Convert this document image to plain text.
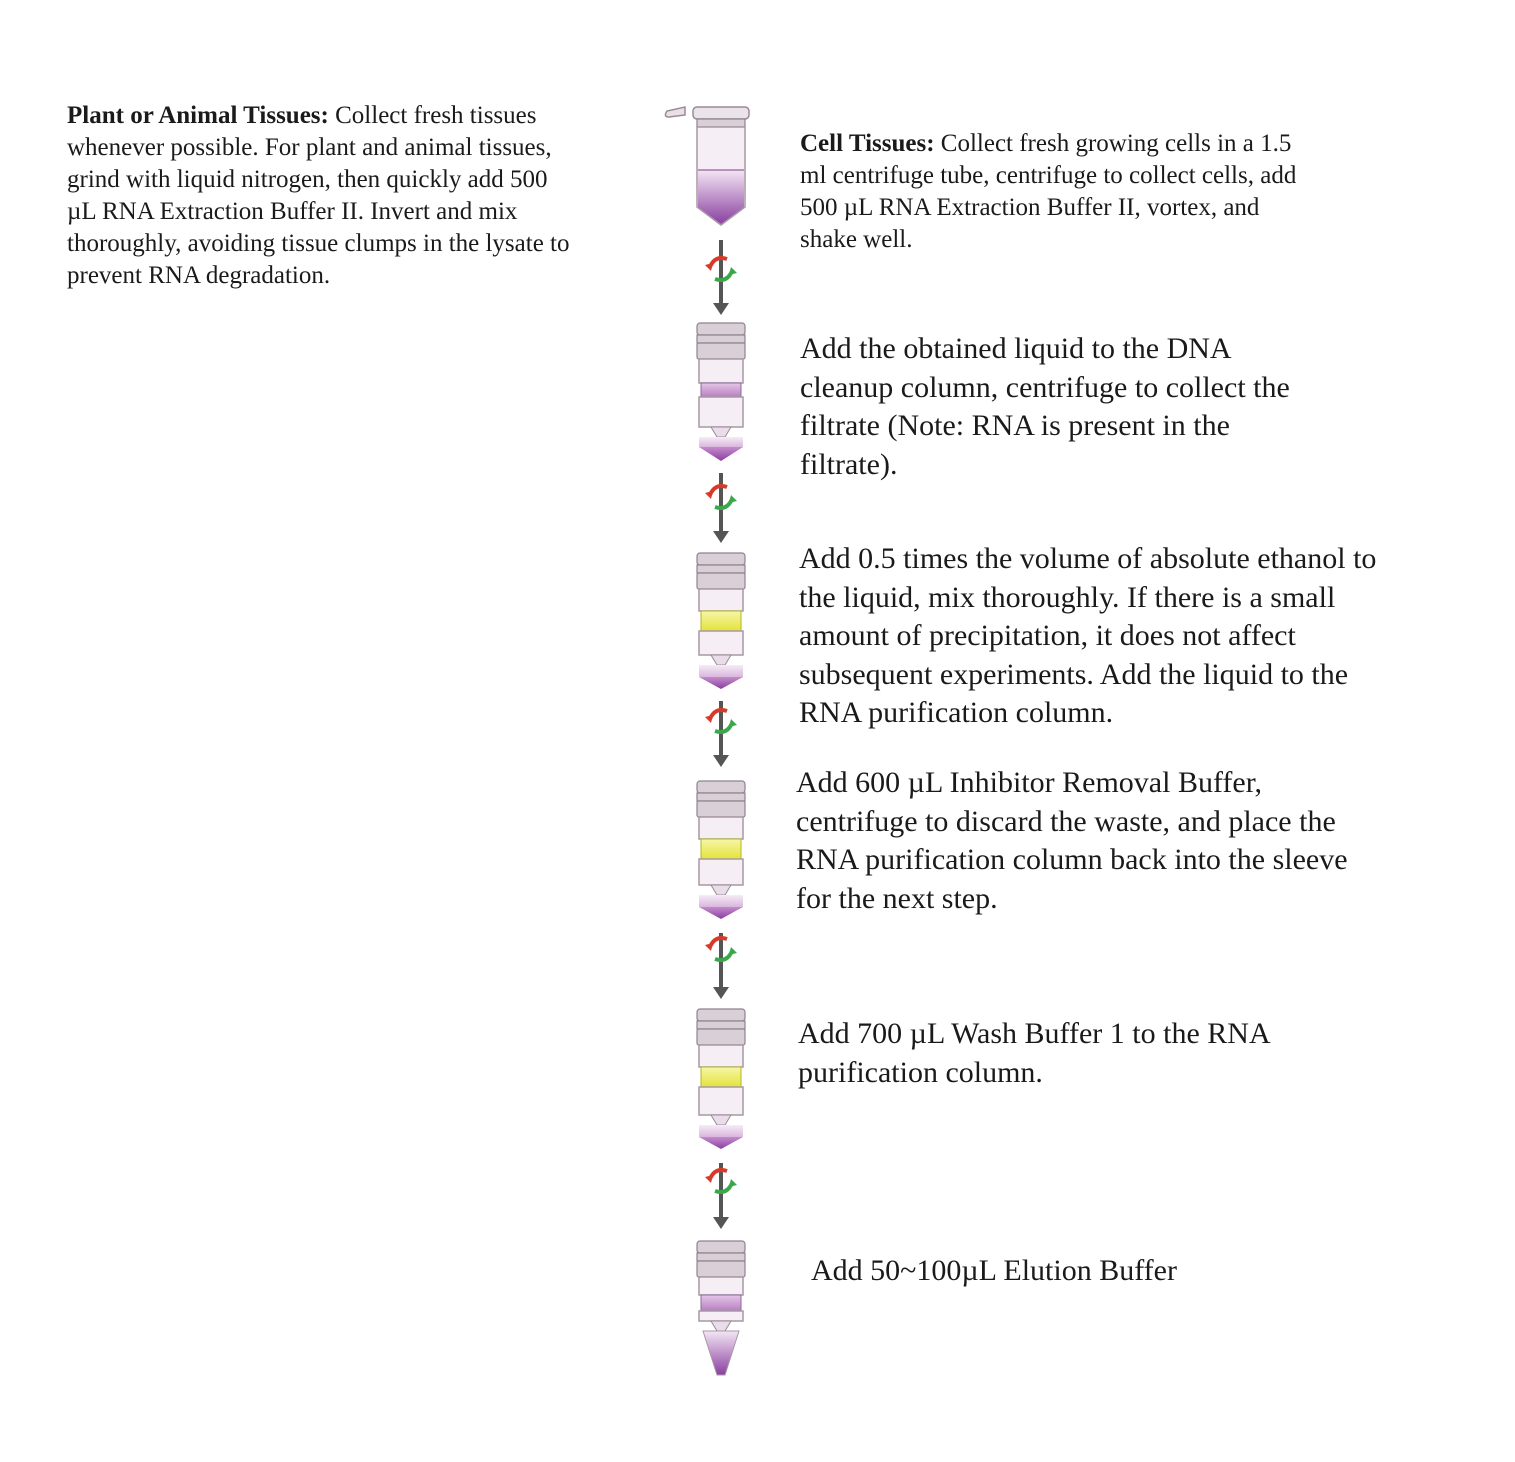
Plant or Animal Tissues: Collect fresh tissues
whenever possible. For plant and animal tissues,
grind with liquid nitrogen, then quickly add 500
µL RNA Extraction Buffer II. Invert and mix
thoroughly, avoiding tissue clumps in the lysate to
prevent RNA degradation.

Cell Tissues: Collect fresh growing cells in a 1.5
ml centrifuge tube, centrifuge to collect cells, add
500 µL RNA Extraction Buffer II, vortex, and
shake well.

Add the obtained liquid to the DNA
cleanup column, centrifuge to collect the
filtrate (Note: RNA is present in the
filtrate).

Add 0.5 times the volume of absolute ethanol to
the liquid, mix thoroughly. If there is a small
amount of precipitation, it does not affect
subsequent experiments. Add the liquid to the
RNA purification column.

Add 600 µL Inhibitor Removal Buffer,
centrifuge to discard the waste, and place the
RNA purification column back into the sleeve
for the next step.

Add 700 µL Wash Buffer 1 to the RNA
purification column.

Add 50~100µL Elution Buffer
